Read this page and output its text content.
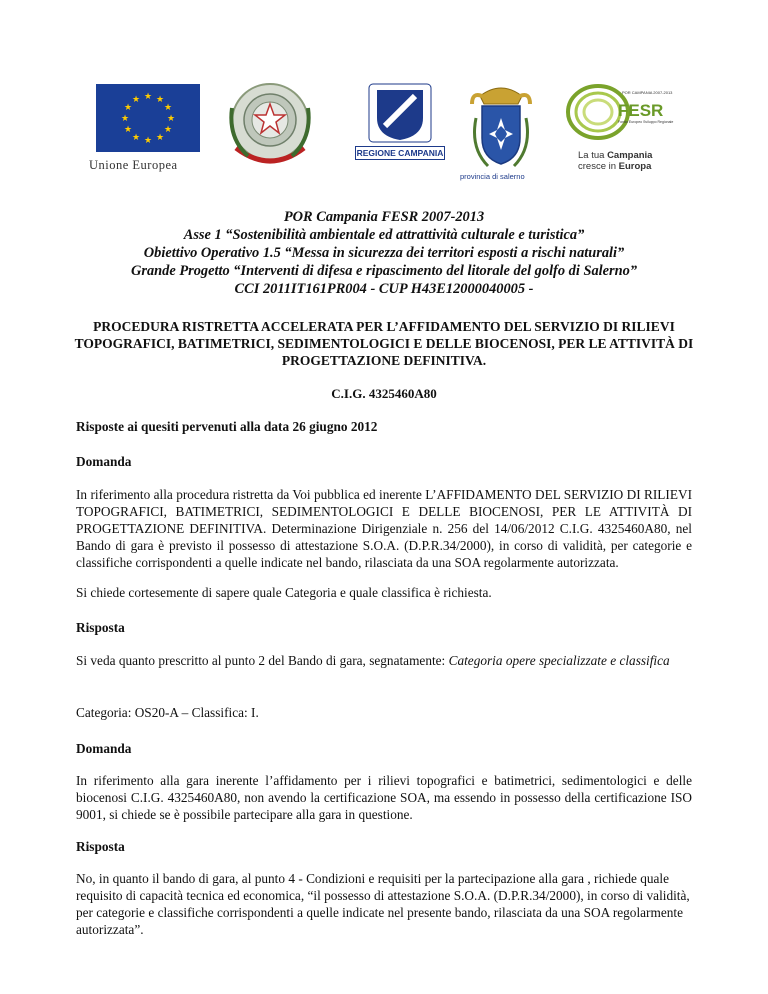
★ ★
★
★
★
★
★
★
★
★
★
★
Unione Europea
REGIONE CAMPANIA
provincia di salerno
POR CAMPANIA 2007-2013
FESR
Fondo Europeo Sviluppo Regionale
La tua Campania
cresce in Europa
POR Campania FESR 2007-2013
Asse 1 “Sostenibilità ambientale ed attrattività culturale e turistica”
Obiettivo Operativo 1.5 “Messa in sicurezza dei territori esposti a rischi naturali”
Grande Progetto “Interventi di difesa e ripascimento del litorale del golfo di Salerno”
CCI 2011IT161PR004 - CUP H43E12000040005 -
PROCEDURA RISTRETTA ACCELERATA PER L’AFFIDAMENTO DEL SERVIZIO DI RILIEVI TOPOGRAFICI, BATIMETRICI, SEDIMENTOLOGICI E DELLE BIOCENOSI, PER LE ATTIVITÀ DI PROGETTAZIONE DEFINITIVA.
C.I.G. 4325460A80
Risposte ai quesiti pervenuti alla data 26 giugno 2012
Domanda
In riferimento alla procedura ristretta da Voi pubblica ed inerente L’AFFIDAMENTO DEL SERVIZIO DI RILIEVI TOPOGRAFICI, BATIMETRICI, SEDIMENTOLOGICI E DELLE BIOCENOSI, PER LE ATTIVITÀ DI PROGETTAZIONE DEFINITIVA. Determinazione Dirigenziale n. 256 del 14/06/2012 C.I.G. 4325460A80, nel Bando di gara è previsto il possesso di attestazione S.O.A. (D.P.R.34/2000), in corso di validità, per categorie e classifiche corrispondenti a quelle indicate nel bando, rilasciata da una SOA regolarmente autorizzata.
Si chiede cortesemente di sapere quale Categoria e quale classifica è richiesta.
Risposta
Si veda quanto prescritto al punto 2 del Bando di gara, segnatamente: Categoria opere specializzate e classifica
Categoria: OS20-A – Classifica: I.
Domanda
In riferimento alla gara inerente l’affidamento per i rilievi topografici e batimetrici, sedimentologici e delle biocenosi C.I.G. 4325460A80, non avendo la certificazione SOA, ma essendo in possesso della certificazione ISO 9001, si chiede se è possibile partecipare alla gara in questione.
Risposta
No, in quanto il bando di gara, al punto 4 - Condizioni e requisiti per la partecipazione alla gara , richiede quale requisito di capacità tecnica ed economica, “il possesso di attestazione S.O.A. (D.P.R.34/2000), in corso di validità, per categorie e classifiche corrispondenti a quelle indicate nel presente bando, rilasciata da una SOA regolarmente autorizzata”.
